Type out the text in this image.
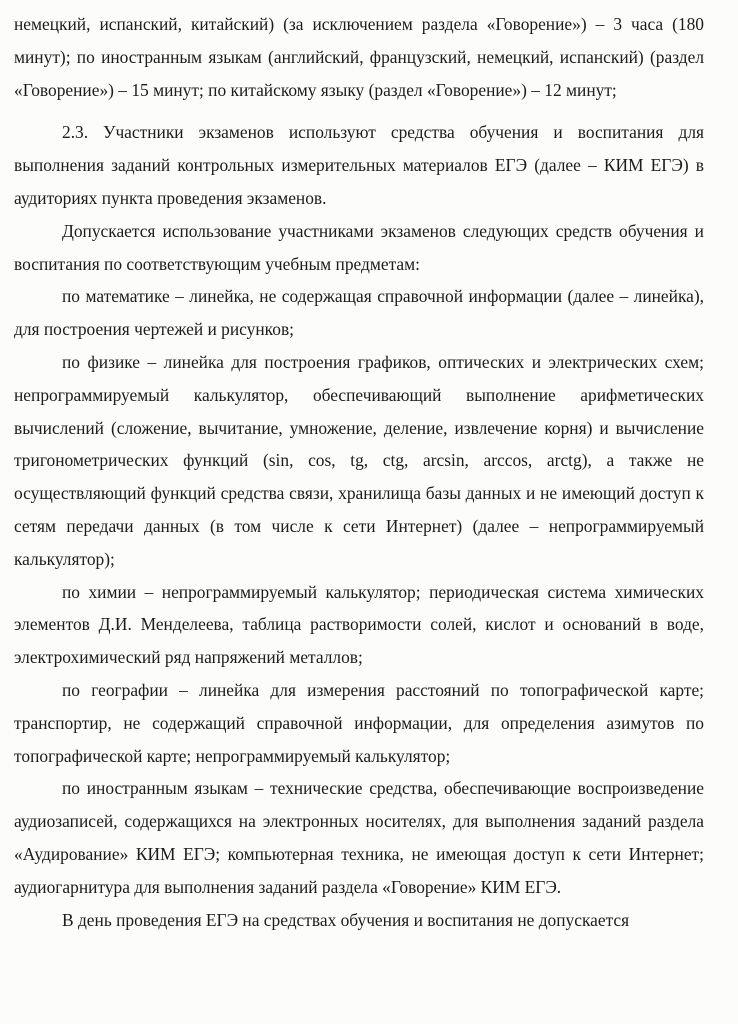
немецкий, испанский, китайский) (за исключением раздела «Говорение») – 3 часа (180 минут); по иностранным языкам (английский, французский, немецкий, испанский) (раздел «Говорение») – 15 минут; по китайскому языку (раздел «Говорение») – 12 минут;

2.3. Участники экзаменов используют средства обучения и воспитания для выполнения заданий контрольных измерительных материалов ЕГЭ (далее – КИМ ЕГЭ) в аудиториях пункта проведения экзаменов.

Допускается использование участниками экзаменов следующих средств обучения и воспитания по соответствующим учебным предметам:

по математике – линейка, не содержащая справочной информации (далее – линейка), для построения чертежей и рисунков;

по физике – линейка для построения графиков, оптических и электрических схем; непрограммируемый калькулятор, обеспечивающий выполнение арифметических вычислений (сложение, вычитание, умножение, деление, извлечение корня) и вычисление тригонометрических функций (sin, cos, tg, ctg, arcsin, arccos, arctg), а также не осуществляющий функций средства связи, хранилища базы данных и не имеющий доступ к сетям передачи данных (в том числе к сети Интернет) (далее – непрограммируемый калькулятор);

по химии – непрограммируемый калькулятор; периодическая система химических элементов Д.И. Менделеева, таблица растворимости солей, кислот и оснований в воде, электрохимический ряд напряжений металлов;

по географии – линейка для измерения расстояний по топографической карте; транспортир, не содержащий справочной информации, для определения азимутов по топографической карте; непрограммируемый калькулятор;

по иностранным языкам – технические средства, обеспечивающие воспроизведение аудиозаписей, содержащихся на электронных носителях, для выполнения заданий раздела «Аудирование» КИМ ЕГЭ; компьютерная техника, не имеющая доступ к сети Интернет; аудиогарнитура для выполнения заданий раздела «Говорение» КИМ ЕГЭ.

В день проведения ЕГЭ на средствах обучения и воспитания не допускается
